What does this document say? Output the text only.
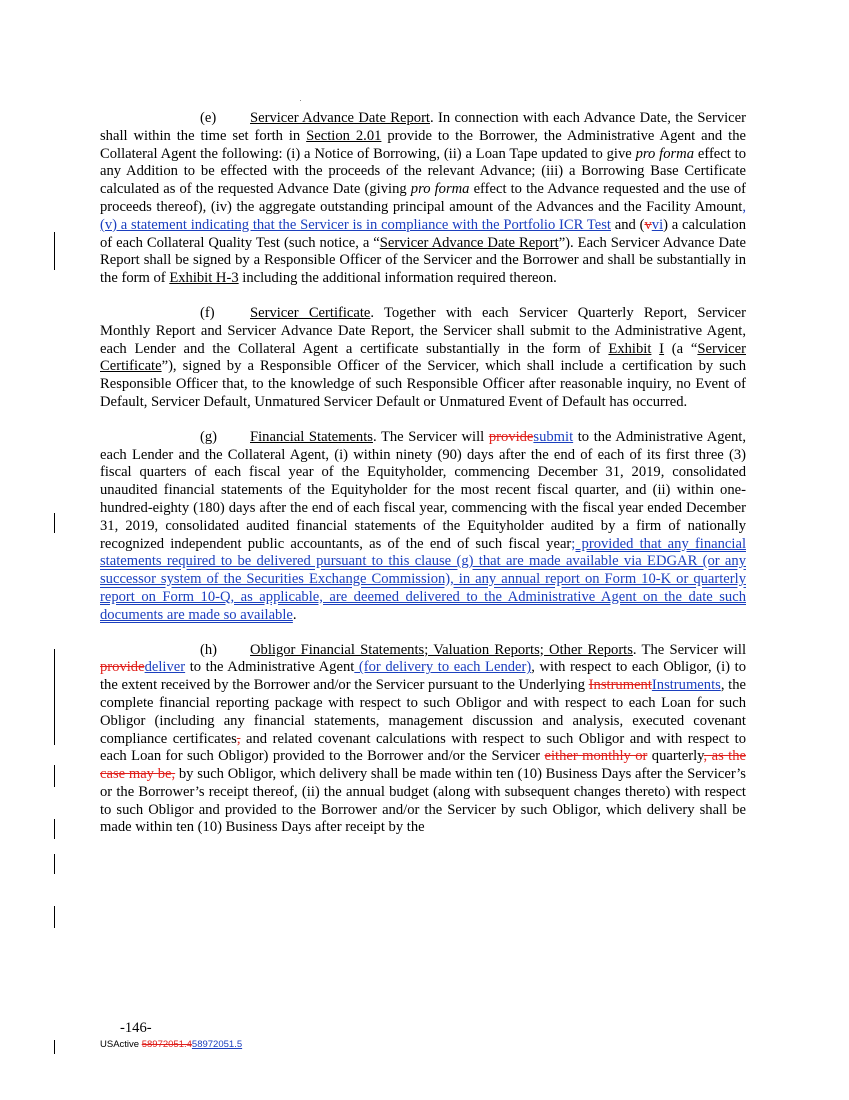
(e) Servicer Advance Date Report. In connection with each Advance Date, the Servicer shall within the time set forth in Section 2.01 provide to the Borrower, the Administrative Agent and the Collateral Agent the following: (i) a Notice of Borrowing, (ii) a Loan Tape updated to give pro forma effect to any Addition to be effected with the proceeds of the relevant Advance; (iii) a Borrowing Base Certificate calculated as of the requested Advance Date (giving pro forma effect to the Advance requested and the use of proceeds thereof), (iv) the aggregate outstanding principal amount of the Advances and the Facility Amount, (v) a statement indicating that the Servicer is in compliance with the Portfolio ICR Test and (vvi) a calculation of each Collateral Quality Test (such notice, a “Servicer Advance Date Report”). Each Servicer Advance Date Report shall be signed by a Responsible Officer of the Servicer and the Borrower and shall be substantially in the form of Exhibit H-3 including the additional information required thereon.

(f) Servicer Certificate. Together with each Servicer Quarterly Report, Servicer Monthly Report and Servicer Advance Date Report, the Servicer shall submit to the Administrative Agent, each Lender and the Collateral Agent a certificate substantially in the form of Exhibit I (a “Servicer Certificate”), signed by a Responsible Officer of the Servicer, which shall include a certification by such Responsible Officer that, to the knowledge of such Responsible Officer after reasonable inquiry, no Event of Default, Servicer Default, Unmatured Servicer Default or Unmatured Event of Default has occurred.

(g) Financial Statements. The Servicer will providesubmit to the Administrative Agent, each Lender and the Collateral Agent, (i) within ninety (90) days after the end of each of its first three (3) fiscal quarters of each fiscal year of the Equityholder, commencing December 31, 2019, consolidated unaudited financial statements of the Equityholder for the most recent fiscal quarter, and (ii) within one-hundred-eighty (180) days after the end of each fiscal year, commencing with the fiscal year ended December 31, 2019, consolidated audited financial statements of the Equityholder audited by a firm of nationally recognized independent public accountants, as of the end of such fiscal year; provided that any financial statements required to be delivered pursuant to this clause (g) that are made available via EDGAR (or any successor system of the Securities Exchange Commission), in any annual report on Form 10-K or quarterly report on Form 10-Q, as applicable, are deemed delivered to the Administrative Agent on the date such documents are made so available.

(h) Obligor Financial Statements; Valuation Reports; Other Reports. The Servicer will providedeliver to the Administrative Agent (for delivery to each Lender), with respect to each Obligor, (i) to the extent received by the Borrower and/or the Servicer pursuant to the Underlying InstrumentInstruments, the complete financial reporting package with respect to such Obligor and with respect to each Loan for such Obligor (including any financial statements, management discussion and analysis, executed covenant compliance certificates, and related covenant calculations with respect to such Obligor and with respect to each Loan for such Obligor) provided to the Borrower and/or the Servicer either monthly or quarterly, as the case may be, by such Obligor, which delivery shall be made within ten (10) Business Days after the Servicer’s or the Borrower’s receipt thereof, (ii) the annual budget (along with subsequent changes thereto) with respect to such Obligor and provided to the Borrower and/or the Servicer by such Obligor, which delivery shall be made within ten (10) Business Days after receipt by the

-146-
USActive 58972051.458972051.5
